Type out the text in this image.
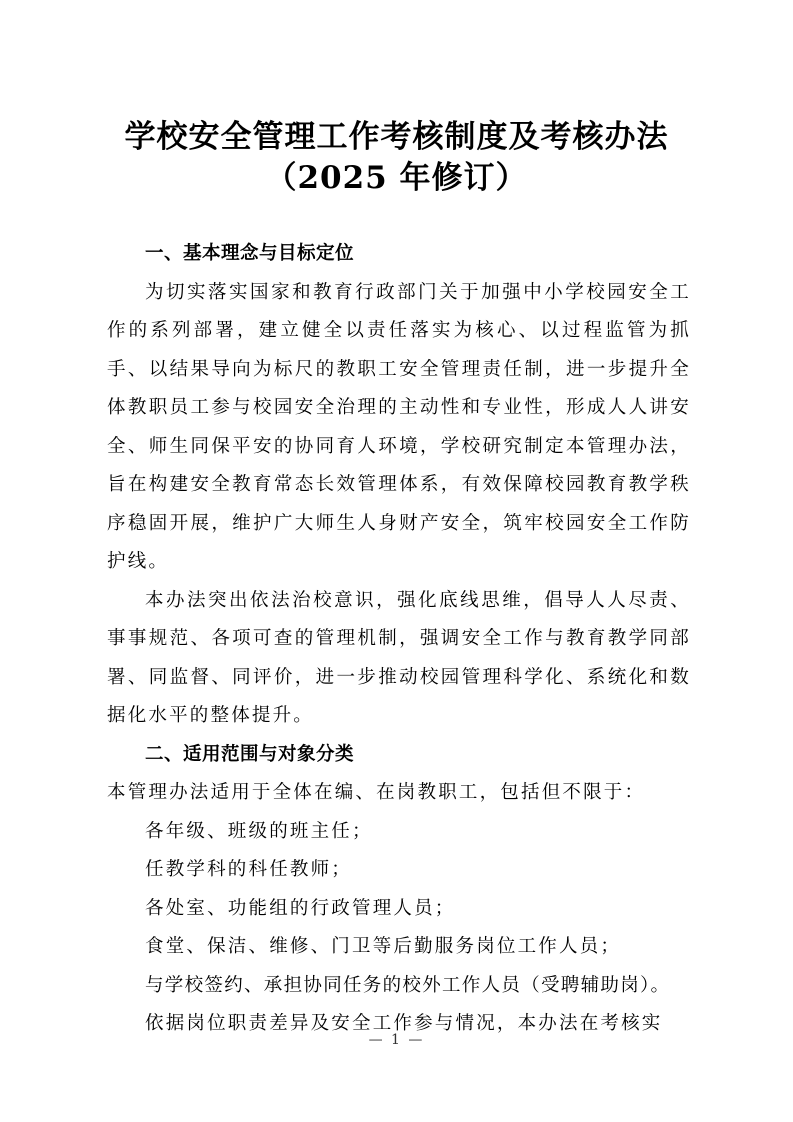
学校安全管理工作考核制度及考核办法
（2025 年修订）

一、基本理念与目标定位

为切实落实国家和教育行政部门关于加强中小学校园安全工作的系列部署，建立健全以责任落实为核心、以过程监管为抓手、以结果导向为标尺的教职工安全管理责任制，进一步提升全体教职员工参与校园安全治理的主动性和专业性，形成人人讲安全、师生同保平安的协同育人环境，学校研究制定本管理办法，旨在构建安全教育常态长效管理体系，有效保障校园教育教学秩序稳固开展，维护广大师生人身财产安全，筑牢校园安全工作防护线。

本办法突出依法治校意识，强化底线思维，倡导人人尽责、事事规范、各项可查的管理机制，强调安全工作与教育教学同部署、同监督、同评价，进一步推动校园管理科学化、系统化和数据化水平的整体提升。

二、适用范围与对象分类

本管理办法适用于全体在编、在岗教职工，包括但不限于：

各年级、班级的班主任；

任教学科的科任教师；

各处室、功能组的行政管理人员；

食堂、保洁、维修、门卫等后勤服务岗位工作人员；

与学校签约、承担协同任务的校外工作人员（受聘辅助岗）。

依据岗位职责差异及安全工作参与情况，本办法在考核实

— 1 —
